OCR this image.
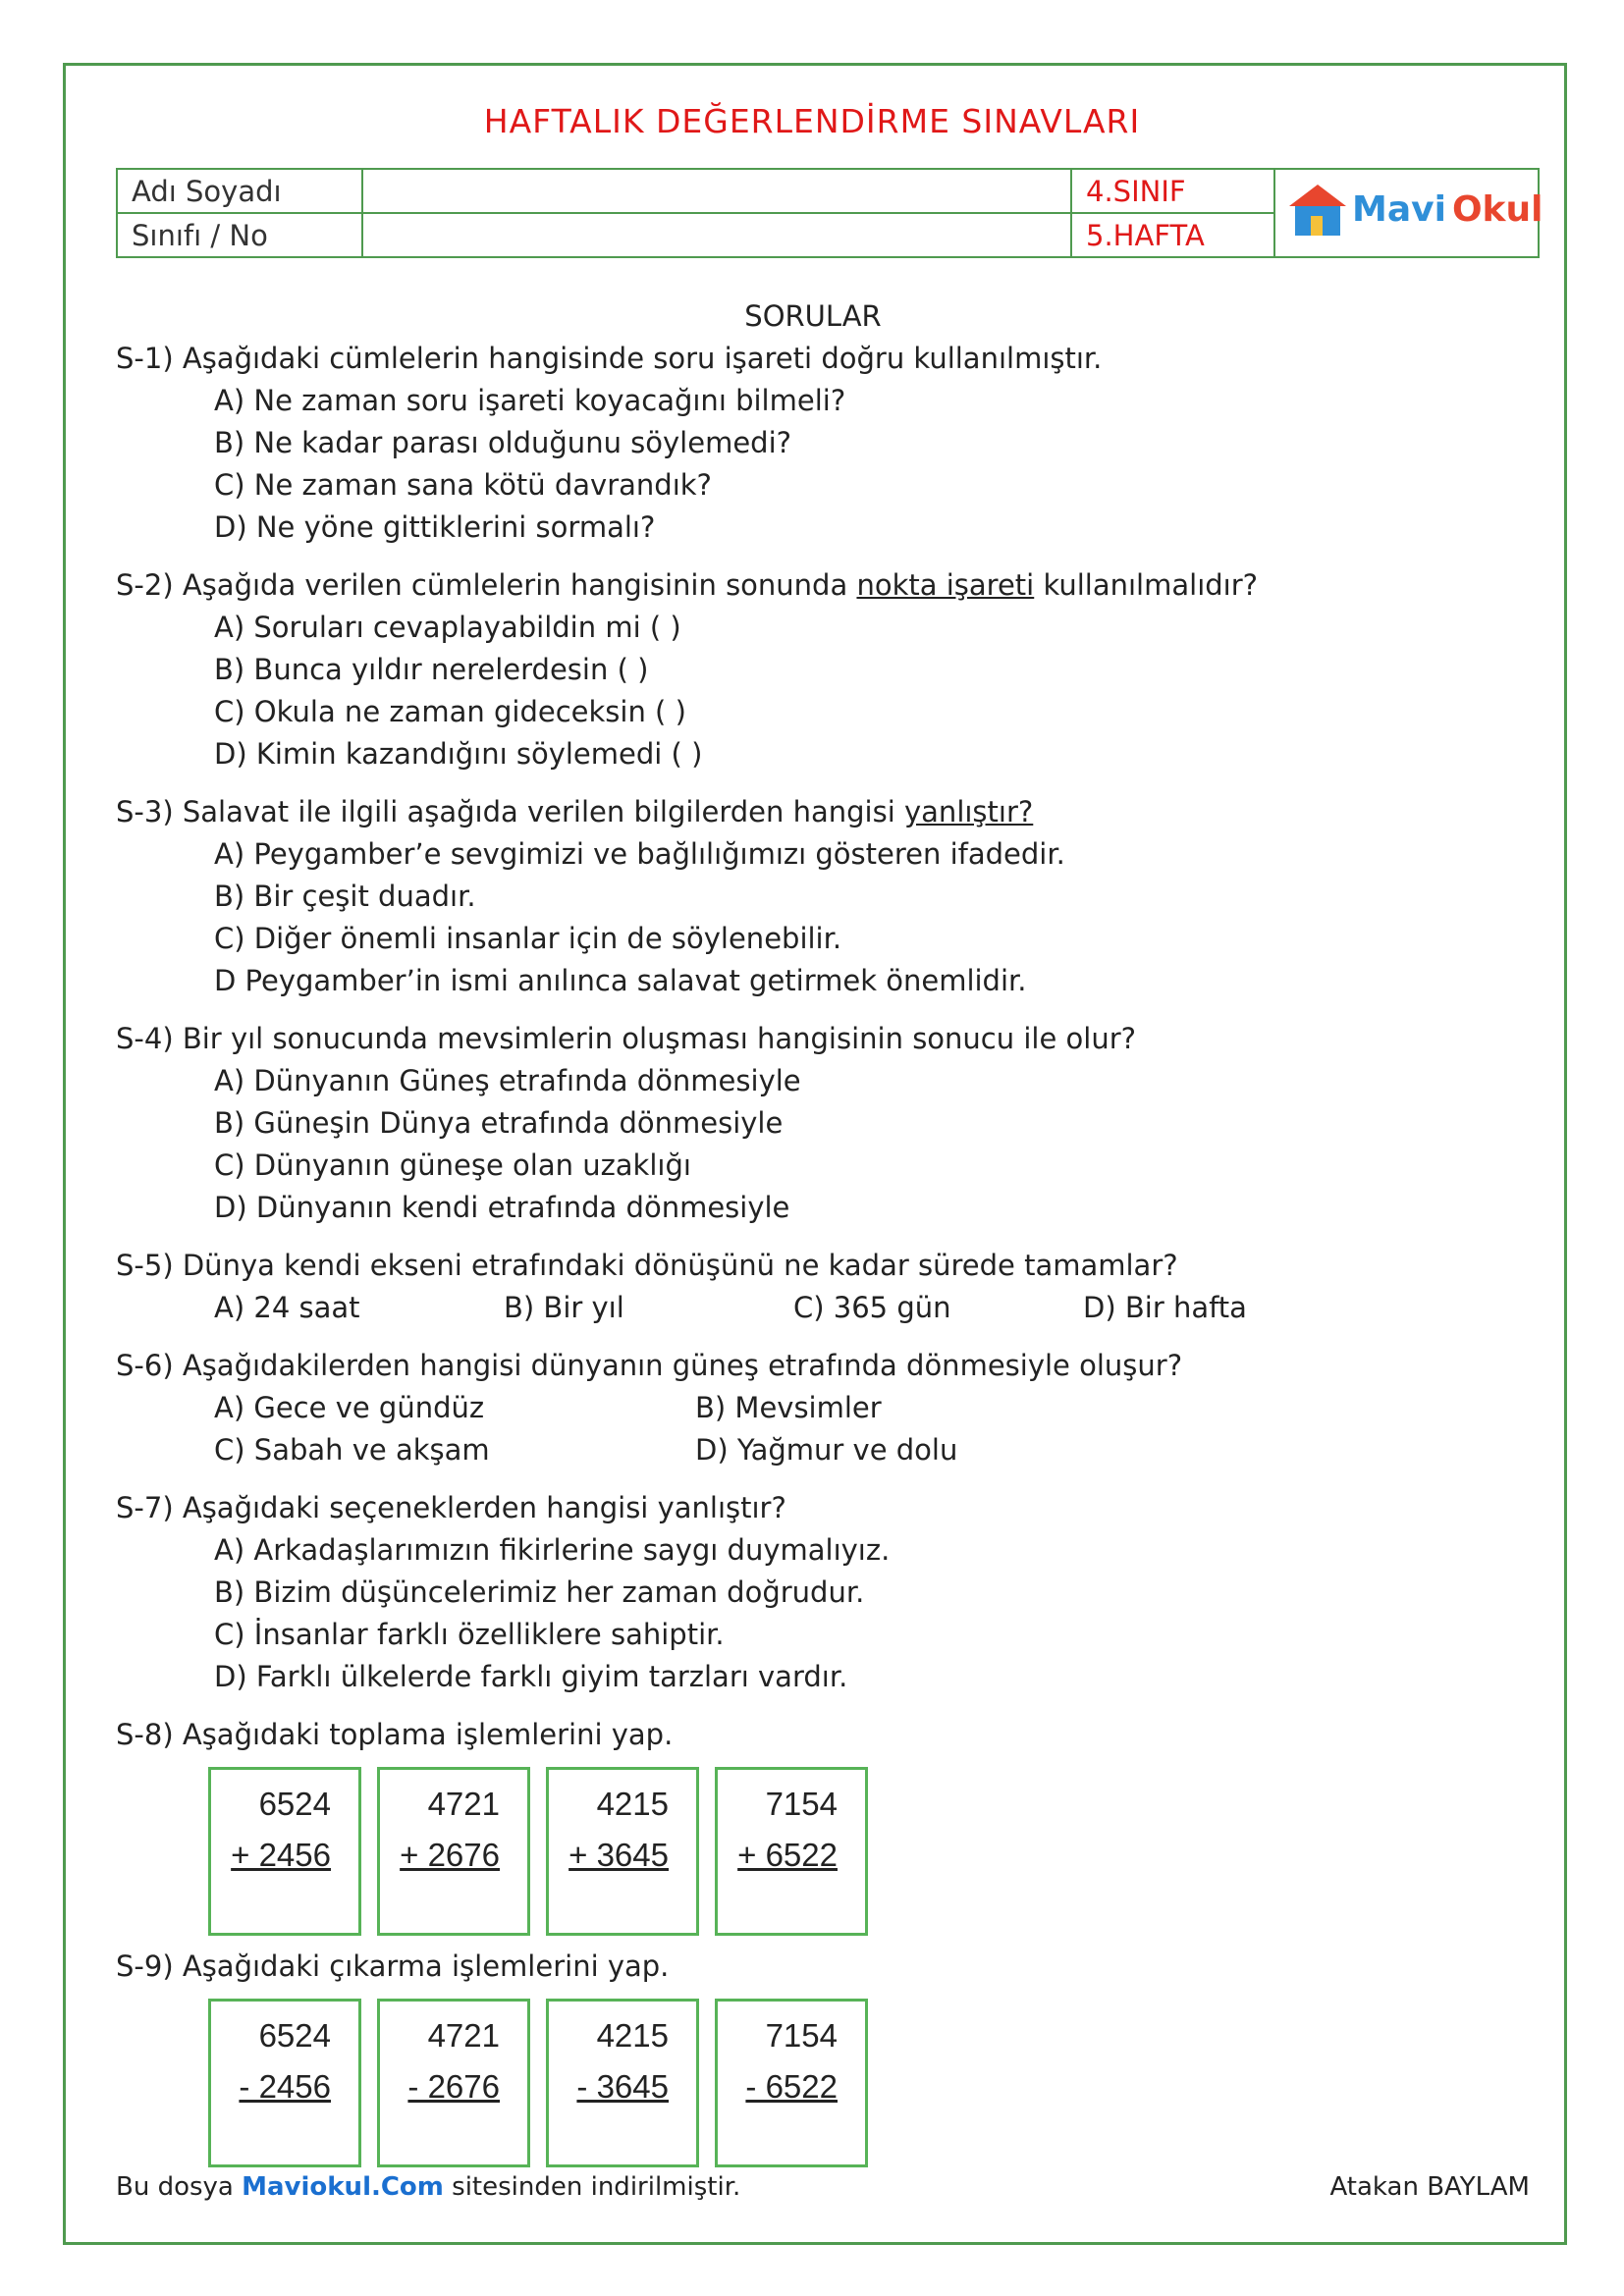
HAFTALIK DEĞERLENDİRME SINAVLARI
Adı Soyadı		4.SINIF	Mavi Okul

Sınıfı / No		5.HAFTA	
SORULAR
S-1) Aşağıdaki cümlelerin hangisinde soru işareti doğru kullanılmıştır.
A) Ne zaman soru işareti koyacağını bilmeli?
B) Ne kadar parası olduğunu söylemedi?
C) Ne zaman sana kötü davrandık?
D) Ne yöne gittiklerini sormalı?
S-2) Aşağıda verilen cümlelerin hangisinin sonunda nokta işareti kullanılmalıdır?
A) Soruları cevaplayabildin mi ( )
B) Bunca yıldır nerelerdesin ( )
C) Okula ne zaman gideceksin ( )
D) Kimin kazandığını söylemedi ( )
S-3) Salavat ile ilgili aşağıda verilen bilgilerden hangisi yanlıştır?
A) Peygamber’e sevgimizi ve bağlılığımızı gösteren ifadedir.
B) Bir çeşit duadır.
C) Diğer önemli insanlar için de söylenebilir.
D Peygamber’in ismi anılınca salavat getirmek önemlidir.
S-4) Bir yıl sonucunda mevsimlerin oluşması hangisinin sonucu ile olur?
A) Dünyanın Güneş etrafında dönmesiyle
B) Güneşin Dünya etrafında dönmesiyle
C) Dünyanın güneşe olan uzaklığı
D) Dünyanın kendi etrafında dönmesiyle
S-5) Dünya kendi ekseni etrafındaki dönüşünü ne kadar sürede tamamlar?
A) 24 saat	B) Bir yıl	C) 365 gün	D) Bir hafta
S-6) Aşağıdakilerden hangisi dünyanın güneş etrafında dönmesiyle oluşur?
A) Gece ve gündüz	B) Mevsimler
C) Sabah ve akşam	D) Yağmur ve dolu
S-7) Aşağıdaki seçeneklerden hangisi yanlıştır?
A) Arkadaşlarımızın fikirlerine saygı duymalıyız.
B) Bizim düşüncelerimiz her zaman doğrudur.
C) İnsanlar farklı özelliklere sahiptir.
D) Farklı ülkelerde farklı giyim tarzları vardır.
S-8) Aşağıdaki toplama işlemlerini yap.
6524
+ 2456
4721
+ 2676
4215
+ 3645
7154
+ 6522
S-9) Aşağıdaki çıkarma işlemlerini yap.
6524
- 2456
4721
- 2676
4215
- 3645
7154
- 6522
Bu dosya Maviokul.Com sitesinden indirilmiştir.	Atakan BAYLAM
